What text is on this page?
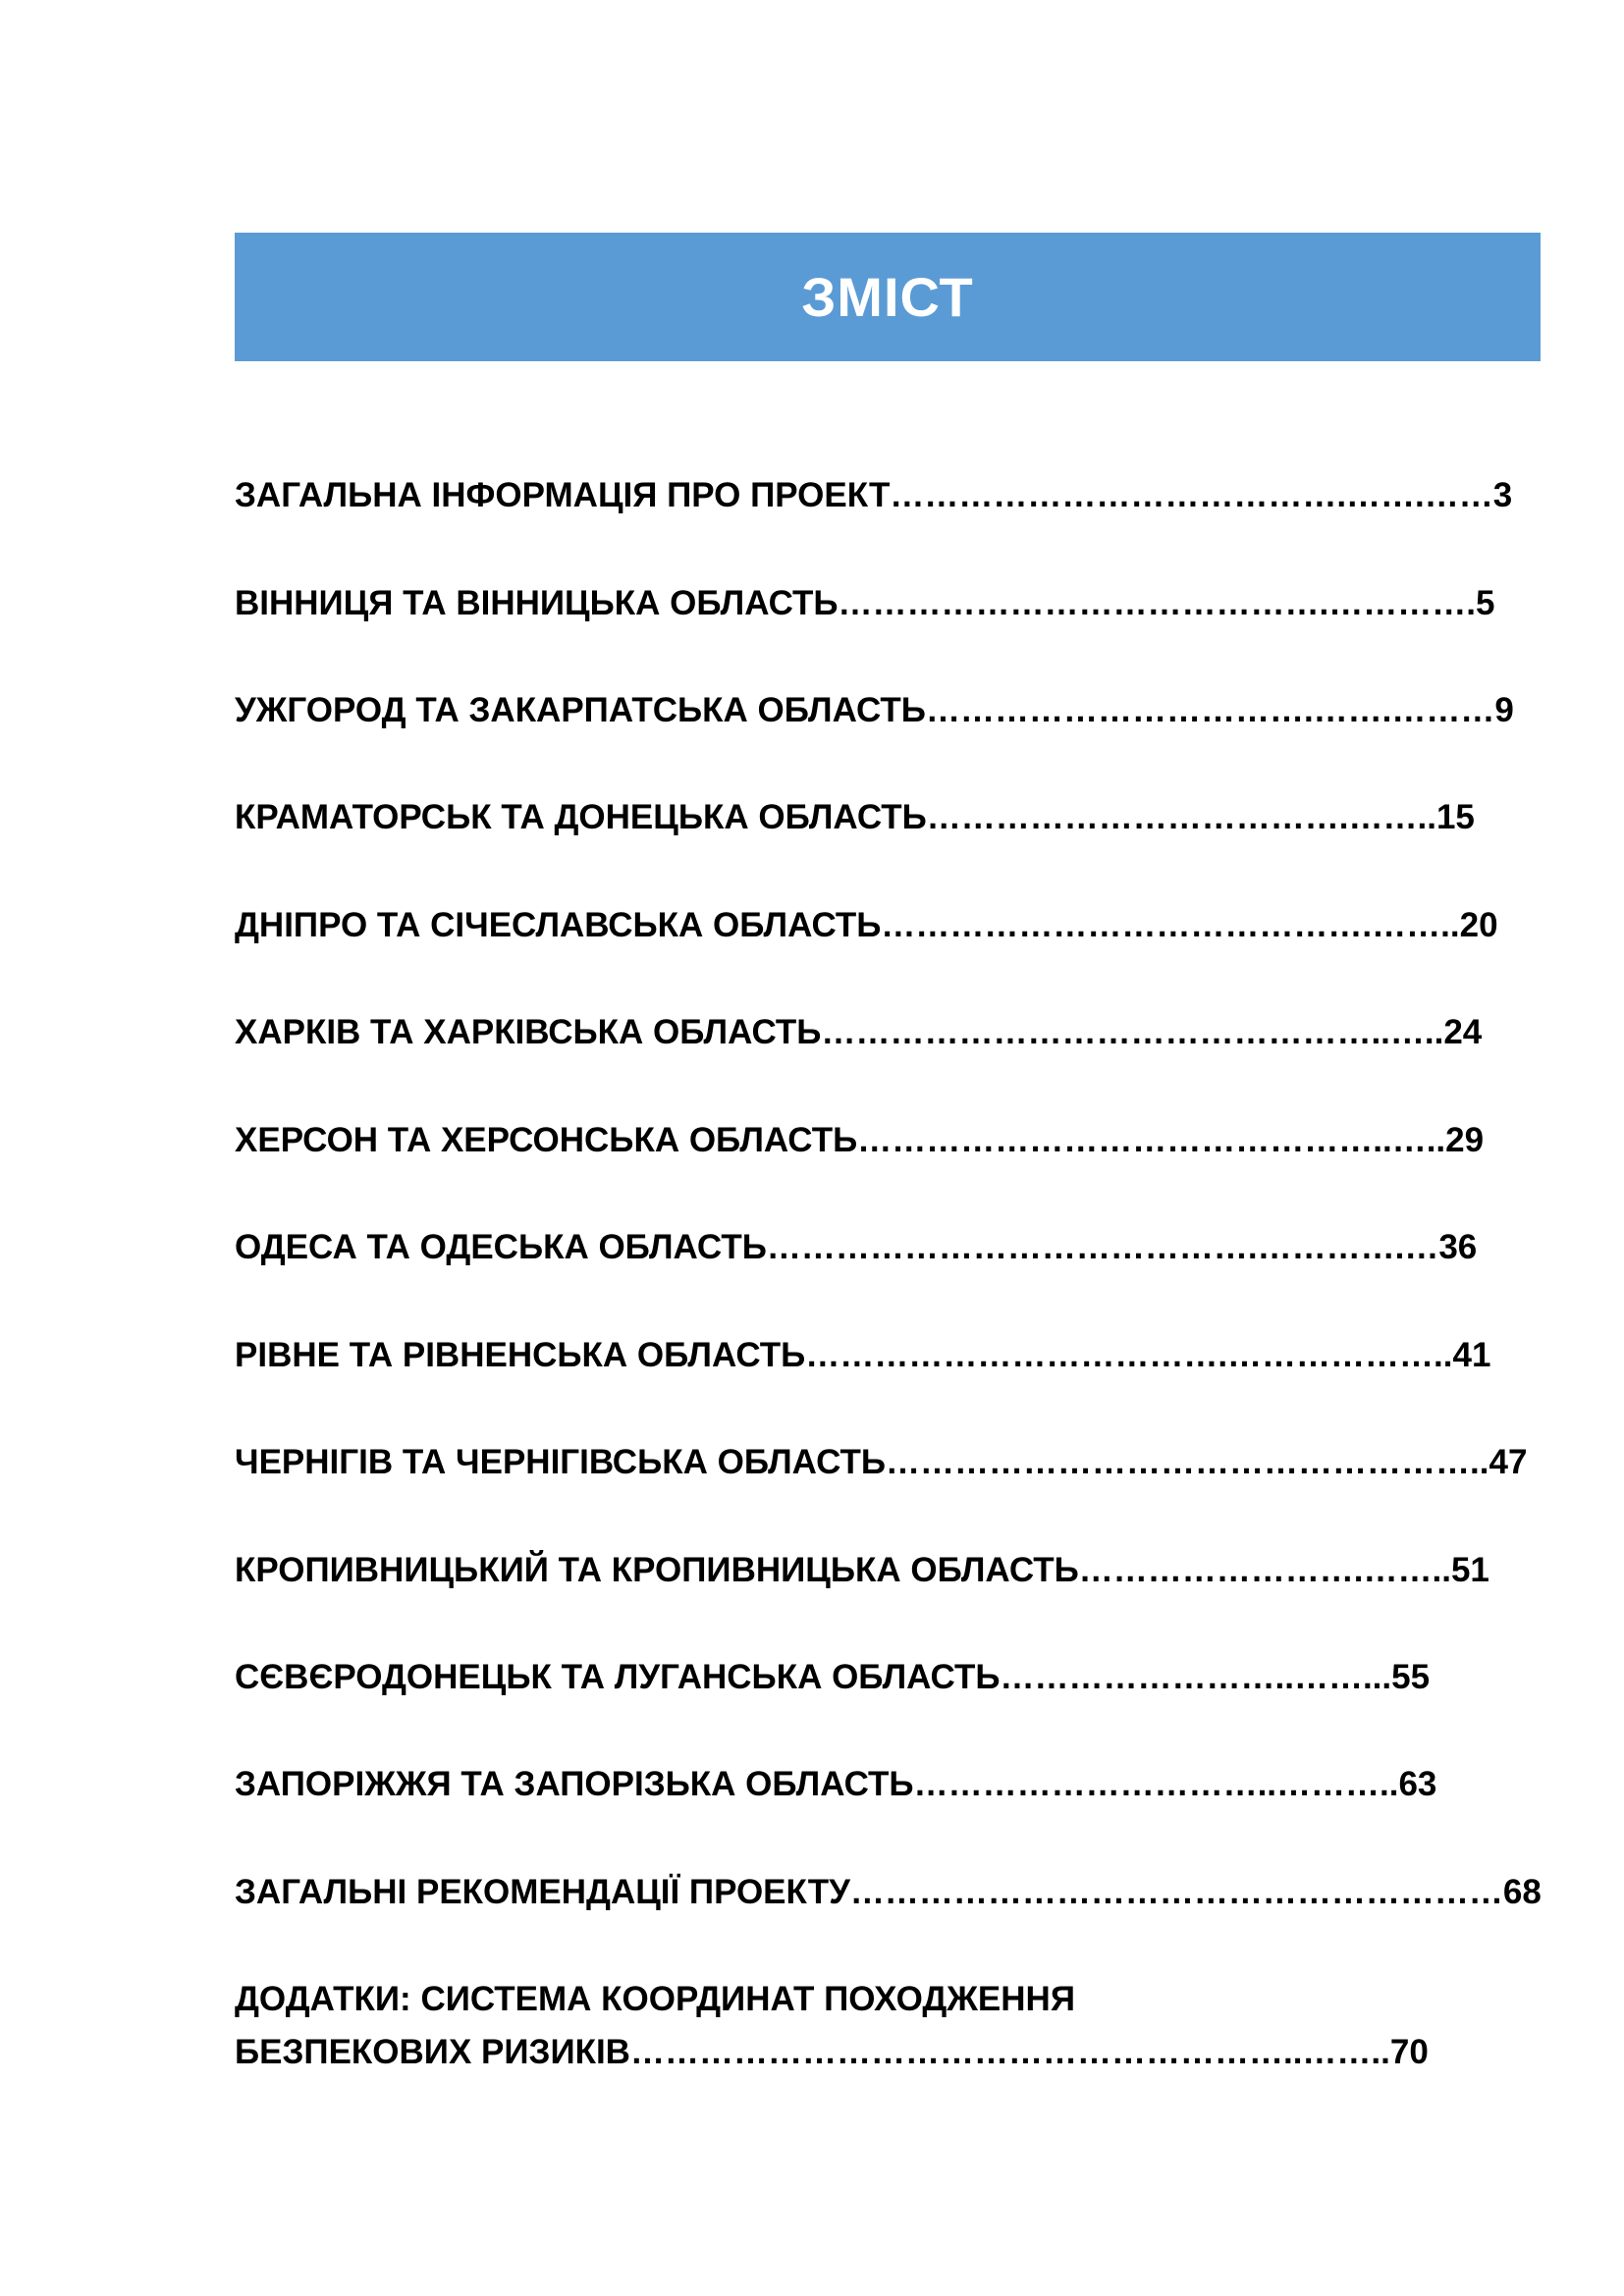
ЗМІСТ
ЗАГАЛЬНА ІНФОРМАЦІЯ ПРО ПРОЕКТ………………………………….…….……3
ВІННИЦЯ ТА ВІННИЦЬКА ОБЛАСТЬ…………………………………….………….5
УЖГОРОД ТА ЗАКАРПАТСЬКА ОБЛАСТЬ…………………………….…….………9
КРАМАТОРСЬК ТА ДОНЕЦЬКА ОБЛАСТЬ……………………………….……..15
ДНІПРО ТА СІЧЕСЛАВСЬКА ОБЛАСТЬ…………………………………….……..20
ХАРКІВ ТА ХАРКІВСЬКА ОБЛАСТЬ…………………………………………..…..24
ХЕРСОН ТА ХЕРСОНСЬКА ОБЛАСТЬ………………………………………..…..29
ОДЕСА ТА ОДЕСЬКА ОБЛАСТЬ…………………………………….………….…36
РІВНЕ ТА РІВНЕНСЬКА ОБЛАСТЬ……………………………….………………..41
ЧЕРНІГІВ ТА ЧЕРНІГІВСЬКА ОБЛАСТЬ……………………………………………..47
КРОПИВНИЦЬКИЙ ТА КРОПИВНИЦЬКА ОБЛАСТЬ…………………….……..51
СЄВЄРОДОНЕЦЬК ТА ЛУГАНСЬКА ОБЛАСТЬ……………………..……...55
ЗАПОРІЖЖЯ ТА ЗАПОРІЗЬКА ОБЛАСТЬ…………………………..………..63
ЗАГАЛЬНІ РЕКОМЕНДАЦІЇ ПРОЕКТУ…………………………………………………68
ДОДАТКИ: СИСТЕМА КООРДИНАТ ПОХОДЖЕННЯ
БЕЗПЕКОВИХ РИЗИКІВ…………………………………………………..……..70
